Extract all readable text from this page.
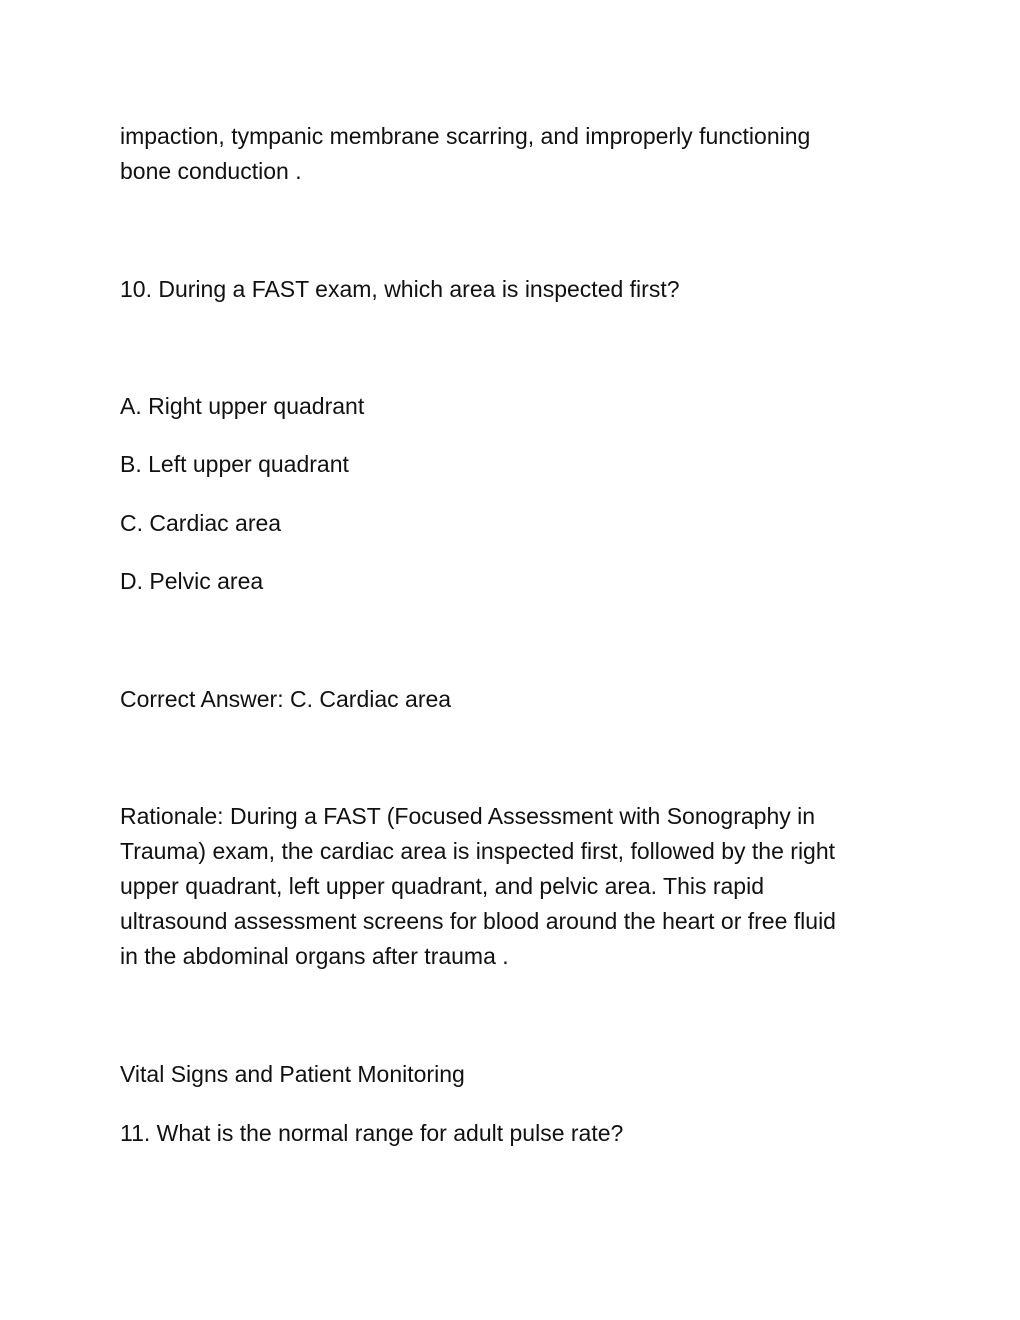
impaction, tympanic membrane scarring, and improperly functioning
bone conduction .

10. During a FAST exam, which area is inspected first?

A. Right upper quadrant

B. Left upper quadrant

C. Cardiac area

D. Pelvic area

Correct Answer: C. Cardiac area

Rationale: During a FAST (Focused Assessment with Sonography in
Trauma) exam, the cardiac area is inspected first, followed by the right
upper quadrant, left upper quadrant, and pelvic area. This rapid
ultrasound assessment screens for blood around the heart or free fluid
in the abdominal organs after trauma .

Vital Signs and Patient Monitoring

11. What is the normal range for adult pulse rate?
